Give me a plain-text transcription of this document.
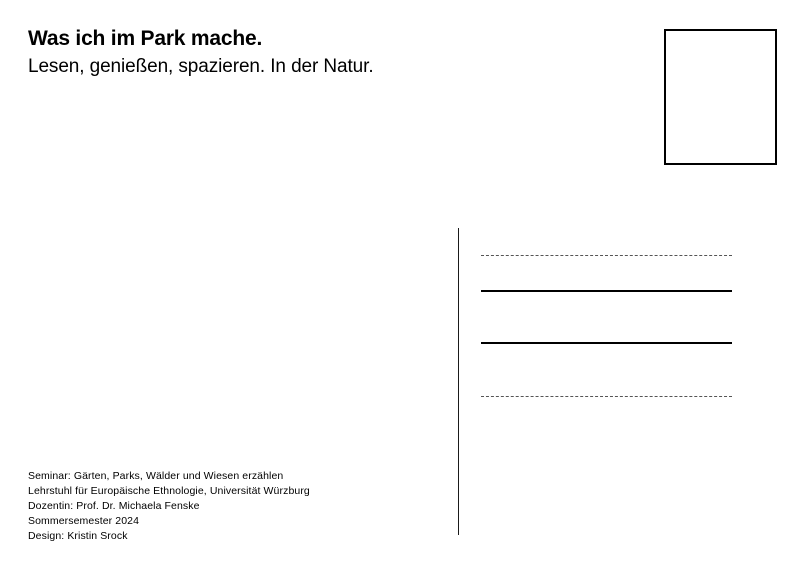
Was ich im Park mache.

Lesen, genießen, spazieren. In der Natur.

Seminar: Gärten, Parks, Wälder und Wiesen erzählen
Lehrstuhl für Europäische Ethnologie, Universität Würzburg
Dozentin: Prof. Dr. Michaela Fenske
Sommersemester 2024
Design: Kristin Srock
